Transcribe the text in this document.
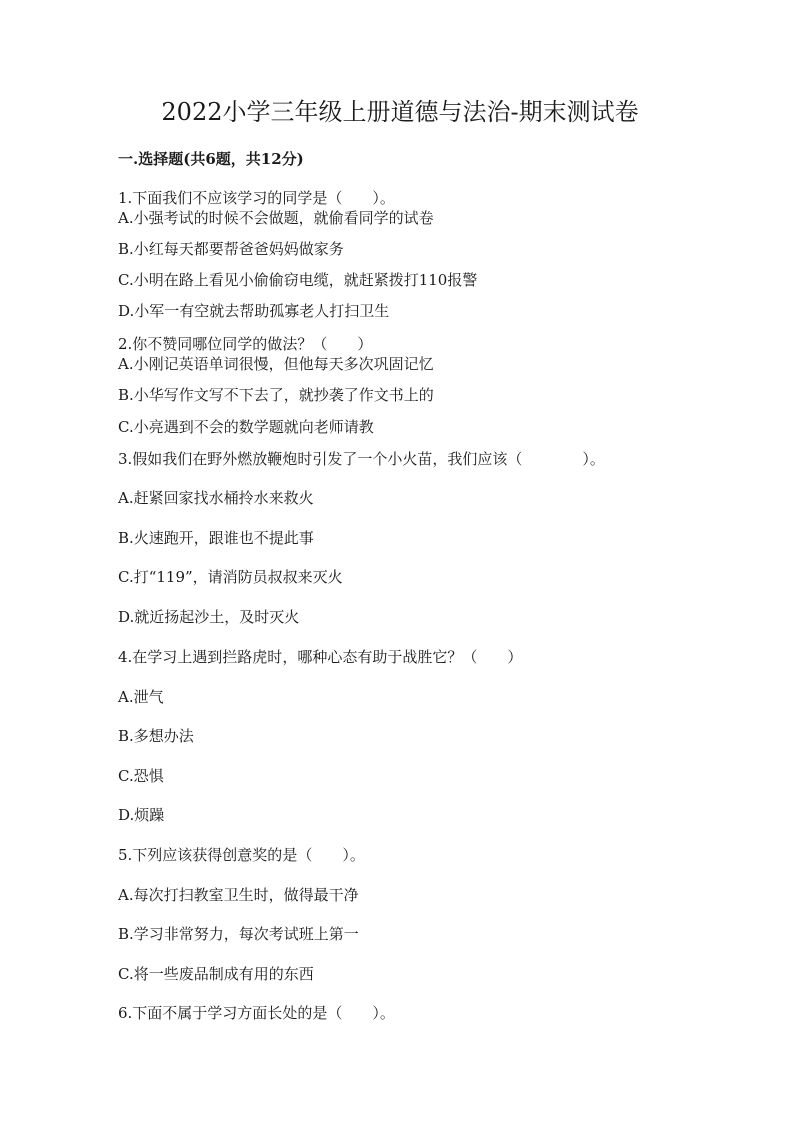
2022小学三年级上册道德与法治-期末测试卷
一.选择题(共6题，共12分)
1.下面我们不应该学习的同学是（　　）。
A.小强考试的时候不会做题，就偷看同学的试卷
B.小红每天都要帮爸爸妈妈做家务
C.小明在路上看见小偷偷窃电缆，就赶紧拨打110报警
D.小军一有空就去帮助孤寡老人打扫卫生
2.你不赞同哪位同学的做法？（　　）
A.小刚记英语单词很慢，但他每天多次巩固记忆
B.小华写作文写不下去了，就抄袭了作文书上的
C.小亮遇到不会的数学题就向老师请教
3.假如我们在野外燃放鞭炮时引发了一个小火苗，我们应该（　　　　）。
A.赶紧回家找水桶拎水来救火
B.火速跑开，跟谁也不提此事
C.打“119”，请消防员叔叔来灭火
D.就近扬起沙土，及时灭火
4.在学习上遇到拦路虎时，哪种心态有助于战胜它？（　　）
A.泄气
B.多想办法
C.恐惧
D.烦躁
5.下列应该获得创意奖的是（　　）。
A.每次打扫教室卫生时，做得最干净
B.学习非常努力，每次考试班上第一
C.将一些废品制成有用的东西
6.下面不属于学习方面长处的是（　　）。
